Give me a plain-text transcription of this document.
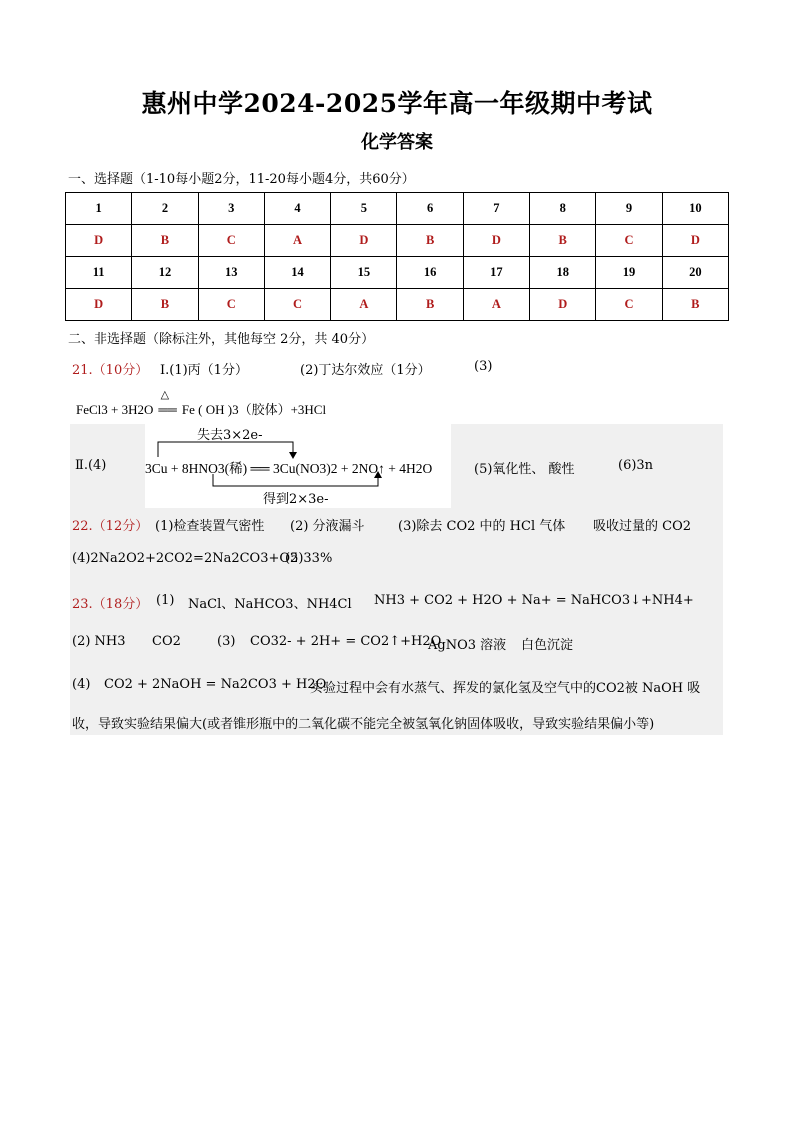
惠州中学2024-2025学年高一年级期中考试
化学答案
一、选择题（1-10每小题2分，11-20每小题4分，共60分）
1	2	3	4	5	6	7	8	9	10
D	B	C	A	D	B	D	B	C	D
11	12	13	14	15	16	17	18	19	20
D	B	C	C	A	B	A	D	C	B
二、非选择题（除标注外，其他每空 2分，共 40分）
21.（10分） Ⅰ.(1)丙（1分）	(2)丁达尔效应（1分）	(3)
FeCl3 + 3H2O
△
══ Fe ( OH )3（胶体）+3HCl
Ⅱ.(4)
失去3×2e-
3Cu + 8HNO3(稀) ══ 3Cu(NO3)2 + 2NO↑ + 4H2O
得到2×3e-
(5)氧化性、 酸性	(6)3n
22.（12分） (1)检查装置气密性 (2) 分液漏斗	(3)除去 CO2 中的 HCl 气体 吸收过量的 CO2
(4)2Na2O2+2CO2=2Na2CO3+O2
(5)33%
23.（18分） (1) NaCl、NaHCO3、NH4Cl NH3 + CO2 + H2O + Na+ = NaHCO3↓+NH4+
(2) NH3 CO2	(3) CO32- + 2H+ = CO2↑+H2O
AgNO3 溶液 白色沉淀
(4) CO2 + 2NaOH = Na2CO3 + H2O
实验过程中会有水蒸气、挥发的氯化氢及空气中的CO2被 NaOH 吸
收，导致实验结果偏大(或者锥形瓶中的二氧化碳不能完全被氢氧化钠固体吸收，导致实验结果偏小等)
